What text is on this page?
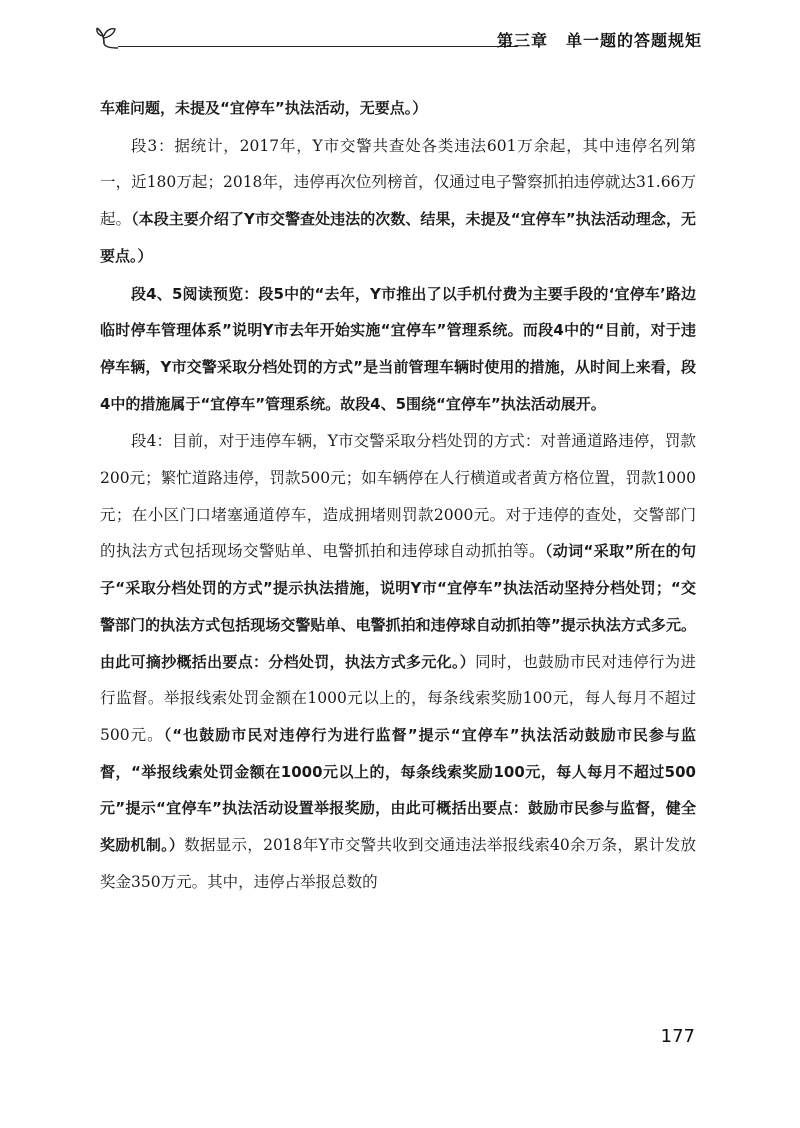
第三章 单一题的答题规矩

车难问题，未提及“宜停车”执法活动，无要点。）

段3：据统计，2017年，Y市交警共查处各类违法601万余起，其中违停名列第一，近180万起；2018年，违停再次位列榜首，仅通过电子警察抓拍违停就达31.66万起。（本段主要介绍了Y市交警查处违法的次数、结果，未提及“宜停车”执法活动理念，无要点。）

段4、5阅读预览：段5中的“去年，Y市推出了以手机付费为主要手段的‘宜停车’路边临时停车管理体系”说明Y市去年开始实施“宜停车”管理系统。而段4中的“目前，对于违停车辆，Y市交警采取分档处罚的方式”是当前管理车辆时使用的措施，从时间上来看，段4中的措施属于“宜停车”管理系统。故段4、5围绕“宜停车”执法活动展开。

段4：目前，对于违停车辆，Y市交警采取分档处罚的方式：对普通道路违停，罚款200元；繁忙道路违停，罚款500元；如车辆停在人行横道或者黄方格位置，罚款1000元；在小区门口堵塞通道停车，造成拥堵则罚款2000元。对于违停的查处，交警部门的执法方式包括现场交警贴单、电警抓拍和违停球自动抓拍等。（动词“采取”所在的句子“采取分档处罚的方式”提示执法措施，说明Y市“宜停车”执法活动坚持分档处罚；“交警部门的执法方式包括现场交警贴单、电警抓拍和违停球自动抓拍等”提示执法方式多元。由此可摘抄概括出要点：分档处罚，执法方式多元化。）同时，也鼓励市民对违停行为进行监督。举报线索处罚金额在1000元以上的，每条线索奖励100元，每人每月不超过500元。（“也鼓励市民对违停行为进行监督”提示“宜停车”执法活动鼓励市民参与监督，“举报线索处罚金额在1000元以上的，每条线索奖励100元，每人每月不超过500元”提示“宜停车”执法活动设置举报奖励，由此可概括出要点：鼓励市民参与监督，健全奖励机制。）数据显示，2018年Y市交警共收到交通违法举报线索40余万条，累计发放奖金350万元。其中，违停占举报总数的

177
